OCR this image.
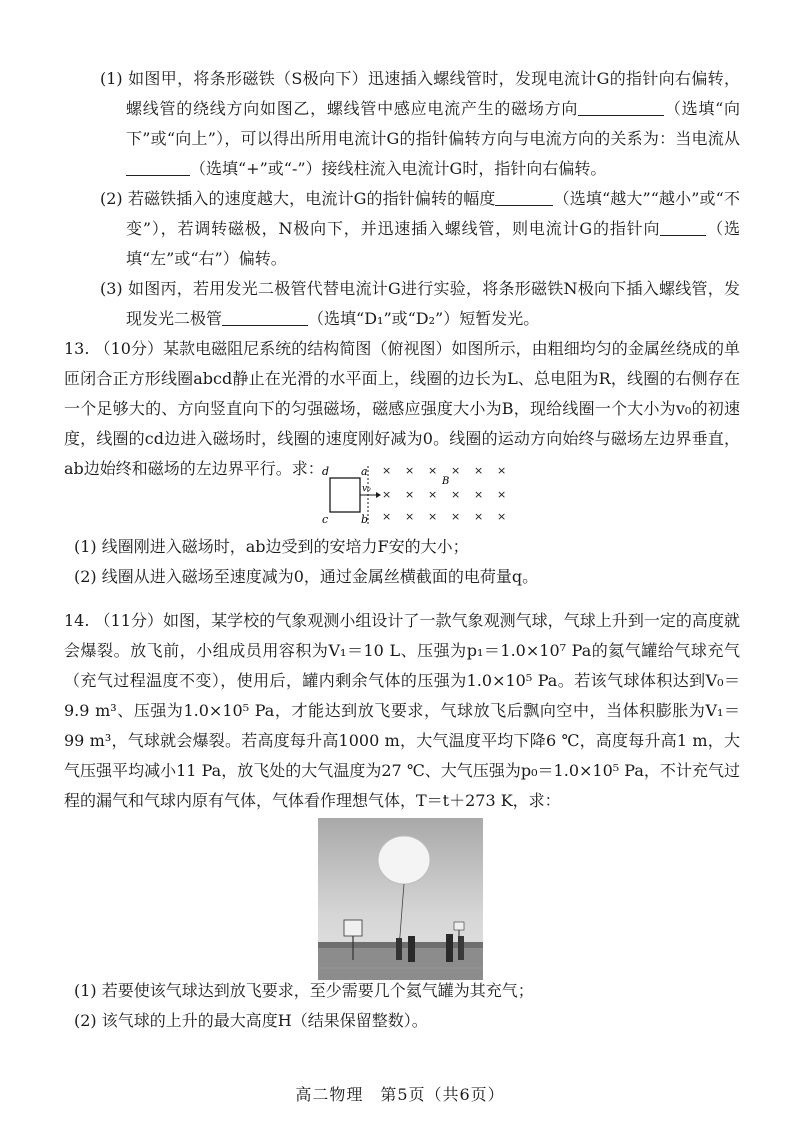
(1) 如图甲，将条形磁铁（S极向下）迅速插入螺线管时，发现电流计G的指针向右偏转，螺线管的绕线方向如图乙，螺线管中感应电流产生的磁场方向	（选填“向下”或“向上”），可以得出所用电流计G的指针偏转方向与电流方向的关系为：当电流从（选填“+”或“-”）接线柱流入电流计G时，指针向右偏转。

(2) 若磁铁插入的速度越大，电流计G的指针偏转的幅度	（选填“越大”“越小”或“不变”），若调转磁极，N极向下，并迅速插入螺线管，则电流计G的指针向	（选填“左”或“右”）偏转。

(3) 如图丙，若用发光二极管代替电流计G进行实验，将条形磁铁N极向下插入螺线管，发现发光二极管	（选填“D₁”或“D₂”）短暂发光。

13. （10分）某款电磁阻尼系统的结构简图（俯视图）如图所示，由粗细均匀的金属丝绕成的单匝闭合正方形线圈abcd静止在光滑的水平面上，线圈的边长为L、总电阻为R，线圈的右侧存在一个足够大的、方向竖直向下的匀强磁场，磁感应强度大小为B，现给线圈一个大小为v₀的初速度，线圈的cd边进入磁场时，线圈的速度刚好减为0。线圈的运动方向始终与磁场左边界垂直，ab边始终和磁场的左边界平行。求：

d	a
c	b
v₀
B
× × × × × ×
× × × × × ×
× × × × × ×

(1) 线圈刚进入磁场时，ab边受到的安培力F安的大小；

(2) 线圈从进入磁场至速度减为0，通过金属丝横截面的电荷量q。

14. （11分）如图，某学校的气象观测小组设计了一款气象观测气球，气球上升到一定的高度就会爆裂。放飞前，小组成员用容积为V₁＝10 L、压强为p₁＝1.0×10⁷ Pa的氦气罐给气球充气（充气过程温度不变），使用后，罐内剩余气体的压强为1.0×10⁵ Pa。若该气球体积达到V₀＝9.9 m³、压强为1.0×10⁵ Pa，才能达到放飞要求，气球放飞后飘向空中，当体积膨胀为V₁＝99 m³，气球就会爆裂。若高度每升高1000 m，大气温度平均下降6 ℃，高度每升高1 m，大气压强平均减小11 Pa，放飞处的大气温度为27 ℃、大气压强为p₀＝1.0×10⁵ Pa，不计充气过程的漏气和气球内原有气体，气体看作理想气体，T＝t＋273 K，求：

(1) 若要使该气球达到放飞要求，至少需要几个氦气罐为其充气；

(2) 该气球的上升的最大高度H（结果保留整数）。

高二物理　第5页（共6页）
